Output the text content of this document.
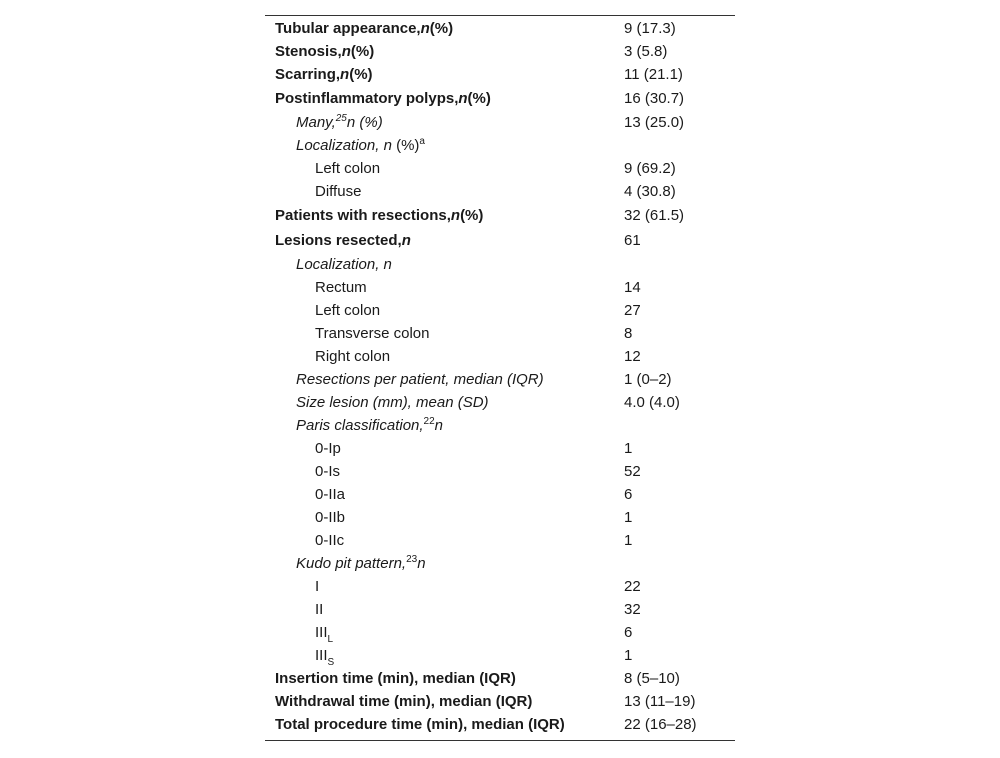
Tubular appearance,n(%)	9 (17.3)
Stenosis,n(%)	3 (5.8)
Scarring,n(%)	11 (21.1)
Postinflammatory polyps,n(%)	16 (30.7)
Many,$^{25}$n (%)	13 (25.0)
Localization, n (%)$^a$
Left colon	9 (69.2)
Diffuse	4 (30.8)
Patients with resections,n(%)	32 (61.5)
Lesions resected,n	61
Localization, n
Rectum	14
Left colon	27
Transverse colon	8
Right colon	12
Resections per patient, median (IQR)	1 (0–2)
Size lesion (mm), mean (SD)	4.0 (4.0)
Paris classification,$^{22}$n
0-Ip	1
0-Is	52
0-IIa	6
0-IIb	1
0-IIc	1
Kudo pit pattern,$^{23}$n
I	22
II	32
$III_L$	6
$III_S$	1
Insertion time (min), median (IQR)	8 (5–10)
Withdrawal time (min), median (IQR)	13 (11–19)
Total procedure time (min), median (IQR)	22 (16–28)
